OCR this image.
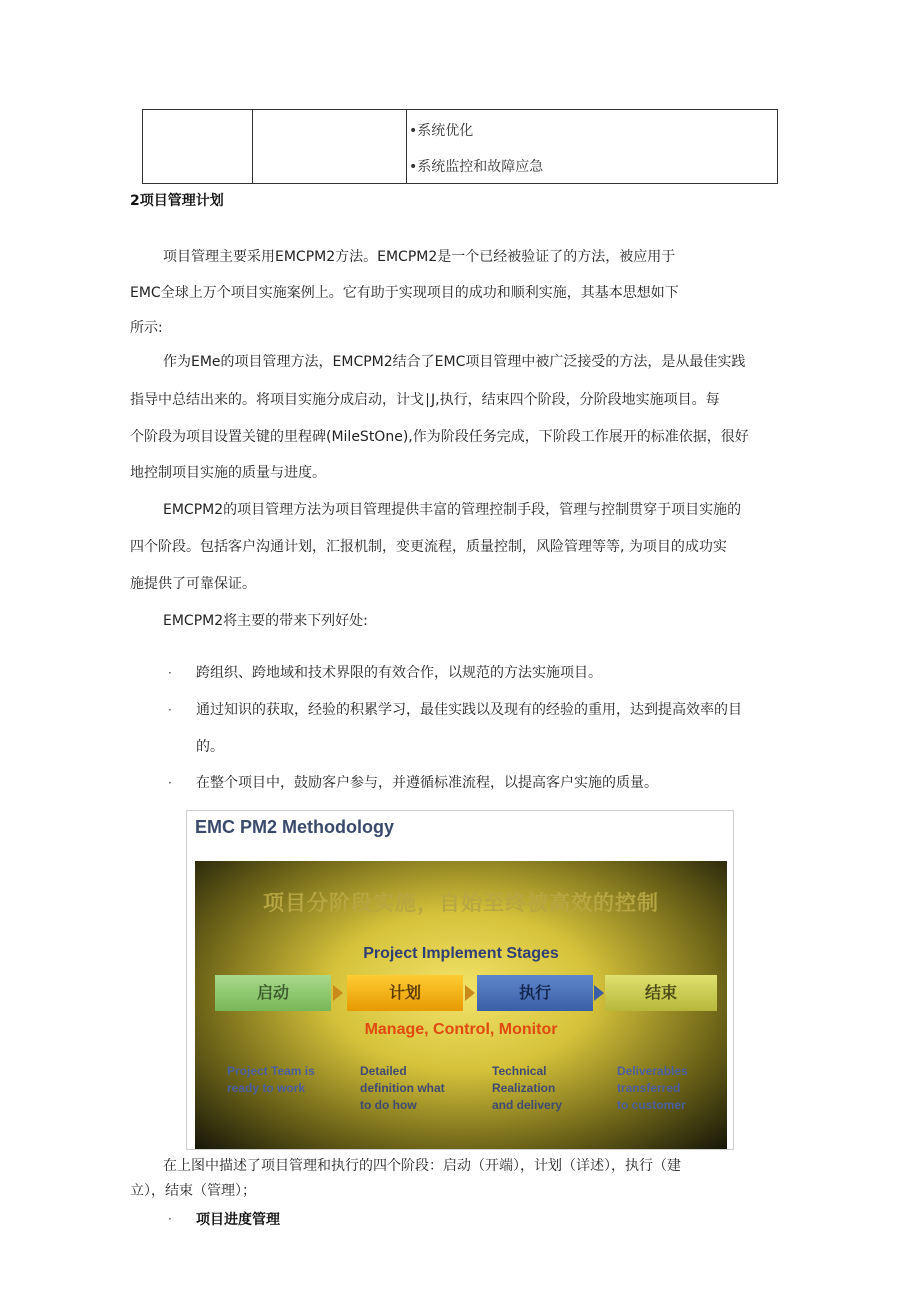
•系统优化
•系统监控和故障应急
2项目管理计划
项目管理主要采用EMCPM2方法。EMCPM2是一个已经被验证了的方法，被应用于
EMC全球上万个项目实施案例上。它有助于实现项目的成功和顺利实施，其基本思想如下
所示:
作为EMe的项目管理方法，EMCPM2结合了EMC项目管理中被广泛接受的方法，是从最佳实践
指导中总结出来的。将项目实施分成启动，计戈∣J,执行，结束四个阶段，分阶段地实施项目。每
个阶段为项目设置关键的里程碑(MileStOne),作为阶段任务完成，下阶段工作展开的标准依据，很好
地控制项目实施的质量与进度。
EMCPM2的项目管理方法为项目管理提供丰富的管理控制手段，管理与控制贯穿于项目实施的
四个阶段。包括客户沟通计划，汇报机制，变更流程，质量控制，风险管理等等, 为项目的成功实
施提供了可靠保证。
EMCPM2将主要的带来下列好处:
· 跨组织、跨地域和技术界限的有效合作，以规范的方法实施项目。
· 通过知识的获取，经验的积累学习，最佳实践以及现有的经验的重用，达到提高效率的目
的。
· 在整个项目中，鼓励客户参与，并遵循标准流程，以提高客户实施的质量。
EMC PM2 Methodology
项目分阶段实施，自始至终被高效的控制
Project Implement Stages
启动	计划	执行	结束
Manage, Control, Monitor
Project Team is
ready to work
Detailed
definition what
to do how
Technical
Realization
and delivery
Deliverables
transferred
to customer
在上图中描述了项目管理和执行的四个阶段：启动（开端），计划（详述），执行（建
立），结束（管理）；
· 项目进度管理
